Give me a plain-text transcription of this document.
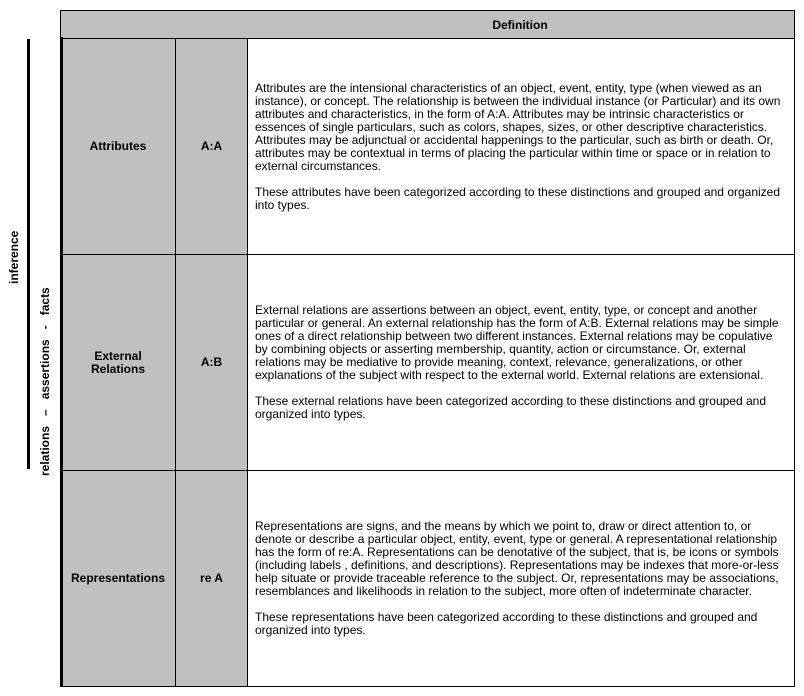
inference
relations   –   assertions   -   facts
Definition
Attributes	A:A

Attributes are the intensional characteristics of an object, event, entity, type (when viewed as an instance), or concept. The relationship is between the individual instance (or Particular) and its own attributes and characteristics, in the form of A:A. Attributes may be intrinsic characteristics or essences of single particulars, such as colors, shapes, sizes, or other descriptive characteristics. Attributes may be adjunctual or accidental happenings to the particular, such as birth or death. Or, attributes may be contextual in terms of placing the particular within time or space or in relation to external circumstances.

These attributes have been categorized according to these distinctions and grouped and organized into types.

External Relations	A:B

External relations are assertions between an object, event, entity, type, or concept and another particular or general. An external relationship has the form of A:B. External relations may be simple ones of a direct relationship between two different instances. External relations may be copulative by combining objects or asserting membership, quantity, action or circumstance. Or, external relations may be mediative to provide meaning, context, relevance, generalizations, or other explanations of the subject with respect to the external world. External relations are extensional.

These external relations have been categorized according to these distinctions and grouped and organized into types.

Representations	re A

Representations are signs, and the means by which we point to, draw or direct attention to, or denote or describe a particular object, entity, event, type or general. A representational relationship has the form of re:A. Representations can be denotative of the subject, that is, be icons or symbols (including labels , definitions, and descriptions). Representations may be indexes that more-or-less help situate or provide traceable reference to the subject. Or, representations may be associations, resemblances and likelihoods in relation to the subject, more often of indeterminate character.

These representations have been categorized according to these distinctions and grouped and organized into types.
